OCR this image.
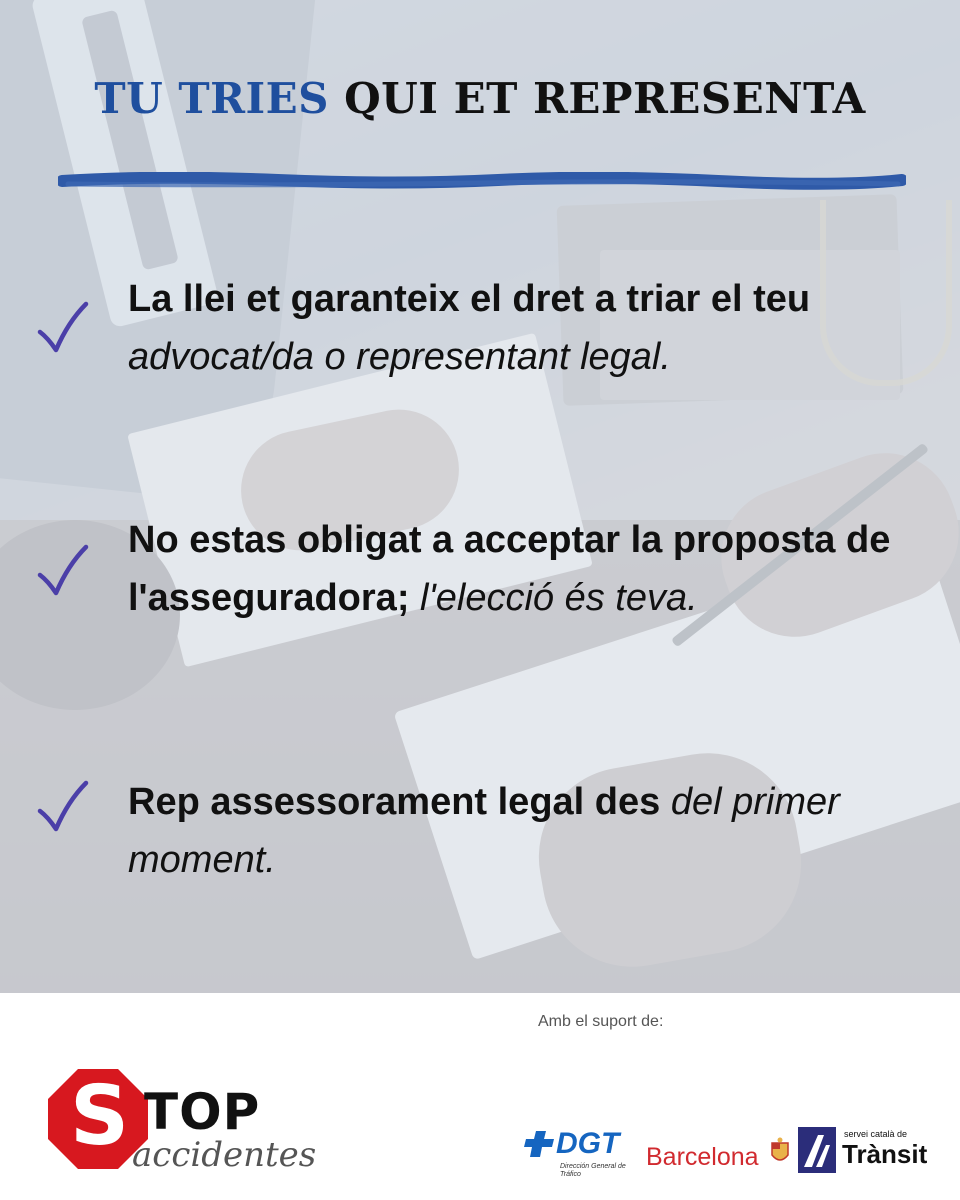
TU TRIES QUI ET REPRESENTA
La llei et garanteix el dret a triar el teu advocat/da o representant legal.
No estas obligat a acceptar la proposta de l'asseguradora; l'elecció és teva.
Rep assessorament legal des del primer moment.
Amb el suport de:
S TOP
accidentes	DGT
Dirección General de Tráfico
Barcelona
servei català de
Trànsit
